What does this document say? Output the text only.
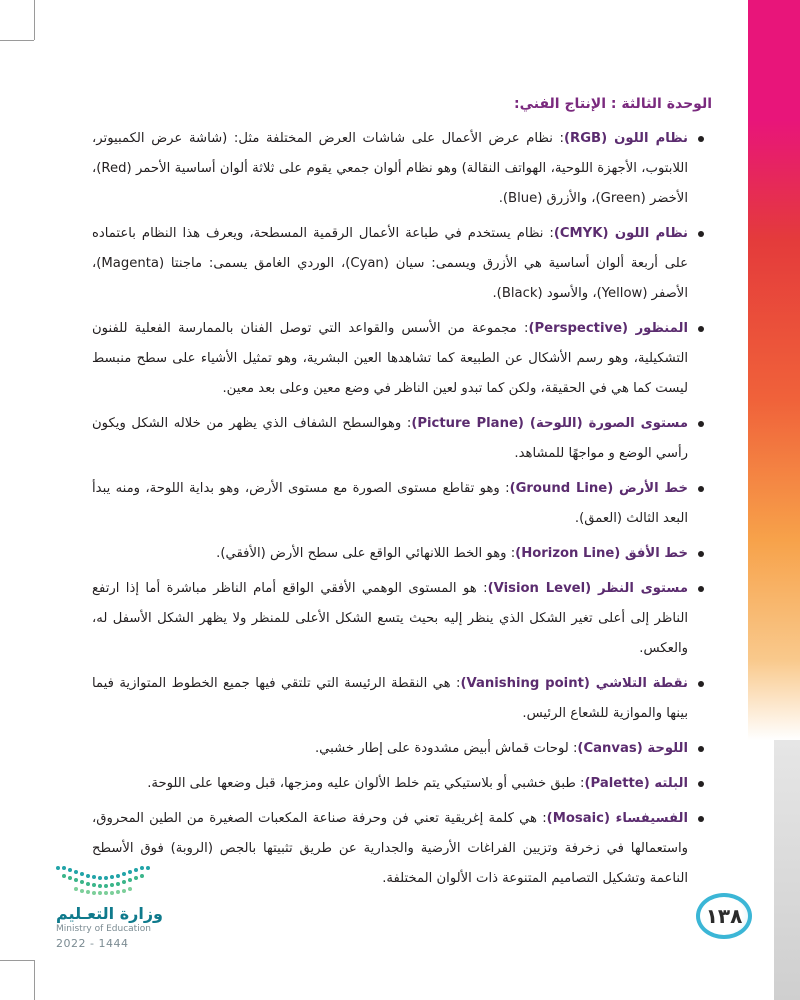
الوحدة الثالثة : الإنتاج الفني:
نظام اللون (RGB): نظام عرض الأعمال على شاشات العرض المختلفة مثل: (شاشة عرض الكمبيوتر، اللابتوب، الأجهزة اللوحية، الهواتف النقالة) وهو نظام ألوان جمعي يقوم على ثلاثة ألوان أساسية الأحمر (Red)، الأخضر (Green)، والأزرق (Blue).
نظام اللون (CMYK): نظام يستخدم في طباعة الأعمال الرقمية المسطحة، ويعرف هذا النظام باعتماده على أربعة ألوان أساسية هي الأزرق ويسمى: سيان (Cyan)، الوردي الغامق يسمى: ماجنتا (Magenta)، الأصفر (Yellow)، والأسود (Black).
المنظور (Perspective): مجموعة من الأسس والقواعد التي توصل الفنان بالممارسة الفعلية للفنون التشكيلية، وهو رسم الأشكال عن الطبيعة كما تشاهدها العين البشرية، وهو تمثيل الأشياء على سطح منبسط ليست كما هي في الحقيقة، ولكن كما تبدو لعين الناظر في وضع معين وعلى بعد معين.
مستوى الصورة (اللوحة) (Picture Plane): وهوالسطح الشفاف الذي يظهر من خلاله الشكل ويكون رأسي الوضع و مواجهًا للمشاهد.
خط الأرض (Ground Line): وهو تقاطع مستوى الصورة مع مستوى الأرض، وهو بداية اللوحة، ومنه يبدأ البعد الثالث (العمق).
خط الأفق (Horizon Line): وهو الخط اللانهائي الواقع على سطح الأرض (الأفقي).
مستوى النظر (Vision Level): هو المستوى الوهمي الأفقي الواقع أمام الناظر مباشرة أما إذا ارتفع الناظر إلى أعلى تغير الشكل الذي ينظر إليه بحيث يتسع الشكل الأعلى للمنظر ولا يظهر الشكل الأسفل له، والعكس.
نقطة التلاشي (Vanishing point): هي النقطة الرئيسة التي تلتقي فيها جميع الخطوط المتوازية فيما بينها والموازية للشعاع الرئيس.
اللوحة (Canvas): لوحات قماش أبيض مشدودة على إطار خشبي.
البلته (Palette): طبق خشبي أو بلاستيكي يتم خلط الألوان عليه ومزجها، قبل وضعها على اللوحة.
الفسيفساء (Mosaic): هي كلمة إغريقية تعني فن وحرفة صناعة المكعبات الصغيرة من الطين المحروق، واستعمالها في زخرفة وتزيين الفراغات الأرضية والجدارية عن طريق تثبيتها بالجص (الروبة) فوق الأسطح الناعمة وتشكيل التصاميم المتنوعة ذات الألوان المختلفة.
وزارة التعـليم
Ministry of Education
2022 - 1444
١٣٨
